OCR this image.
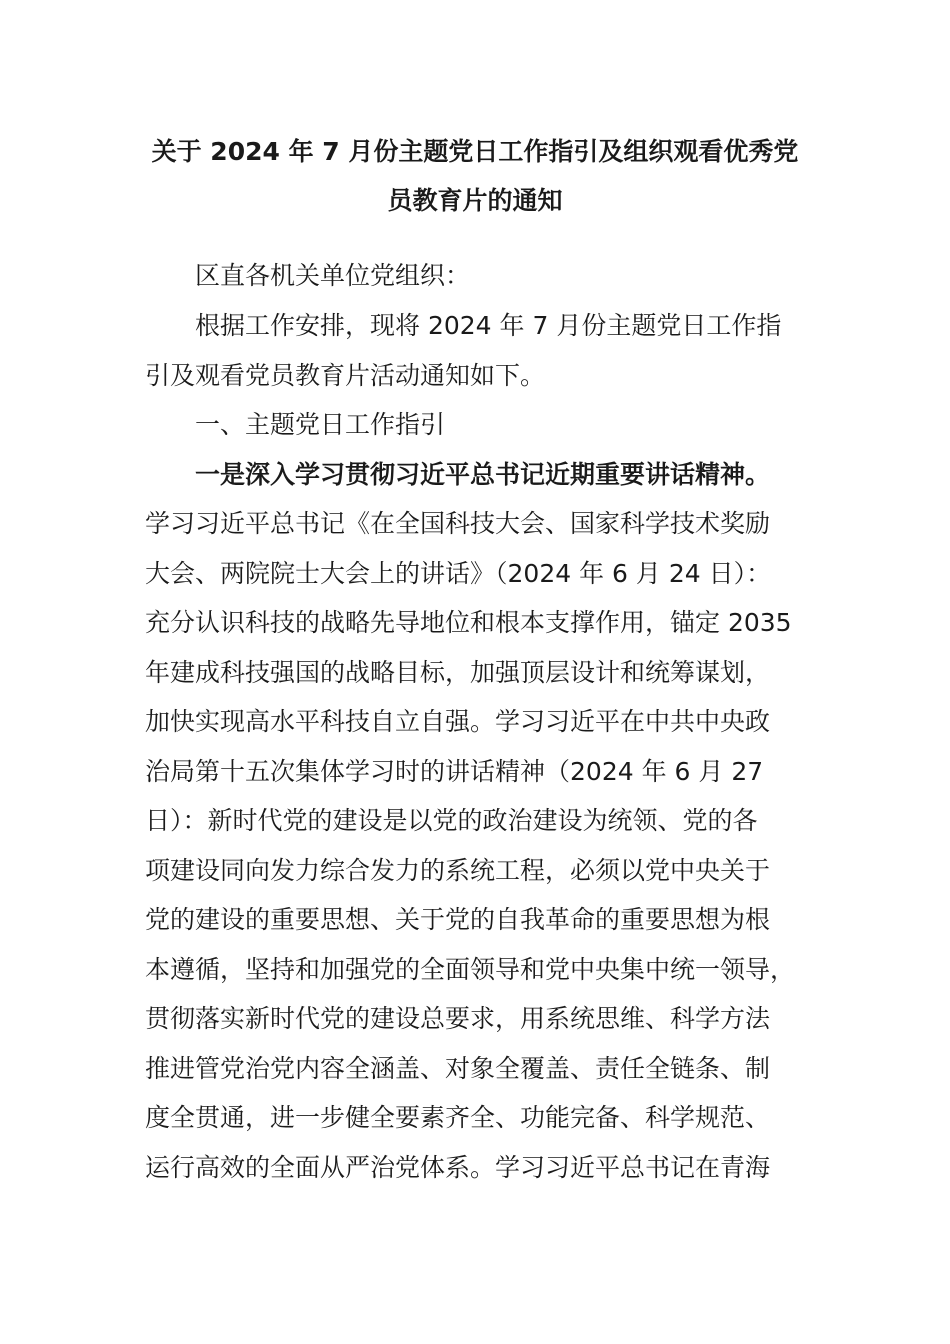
关于 2024 年 7 月份主题党日工作指引及组织观看优秀党
员教育片的通知
区直各机关单位党组织：
根据工作安排，现将 2024 年 7 月份主题党日工作指
引及观看党员教育片活动通知如下。
一、主题党日工作指引
一是深入学习贯彻习近平总书记近期重要讲话精神。
学习习近平总书记《在全国科技大会、国家科学技术奖励
大会、两院院士大会上的讲话》（2024 年 6 月 24 日）：
充分认识科技的战略先导地位和根本支撑作用，锚定 2035
年建成科技强国的战略目标，加强顶层设计和统筹谋划，
加快实现高水平科技自立自强。学习习近平在中共中央政
治局第十五次集体学习时的讲话精神（2024 年 6 月 27
日）：新时代党的建设是以党的政治建设为统领、党的各
项建设同向发力综合发力的系统工程，必须以党中央关于
党的建设的重要思想、关于党的自我革命的重要思想为根
本遵循，坚持和加强党的全面领导和党中央集中统一领导，
贯彻落实新时代党的建设总要求，用系统思维、科学方法
推进管党治党内容全涵盖、对象全覆盖、责任全链条、制
度全贯通，进一步健全要素齐全、功能完备、科学规范、
运行高效的全面从严治党体系。学习习近平总书记在青海
